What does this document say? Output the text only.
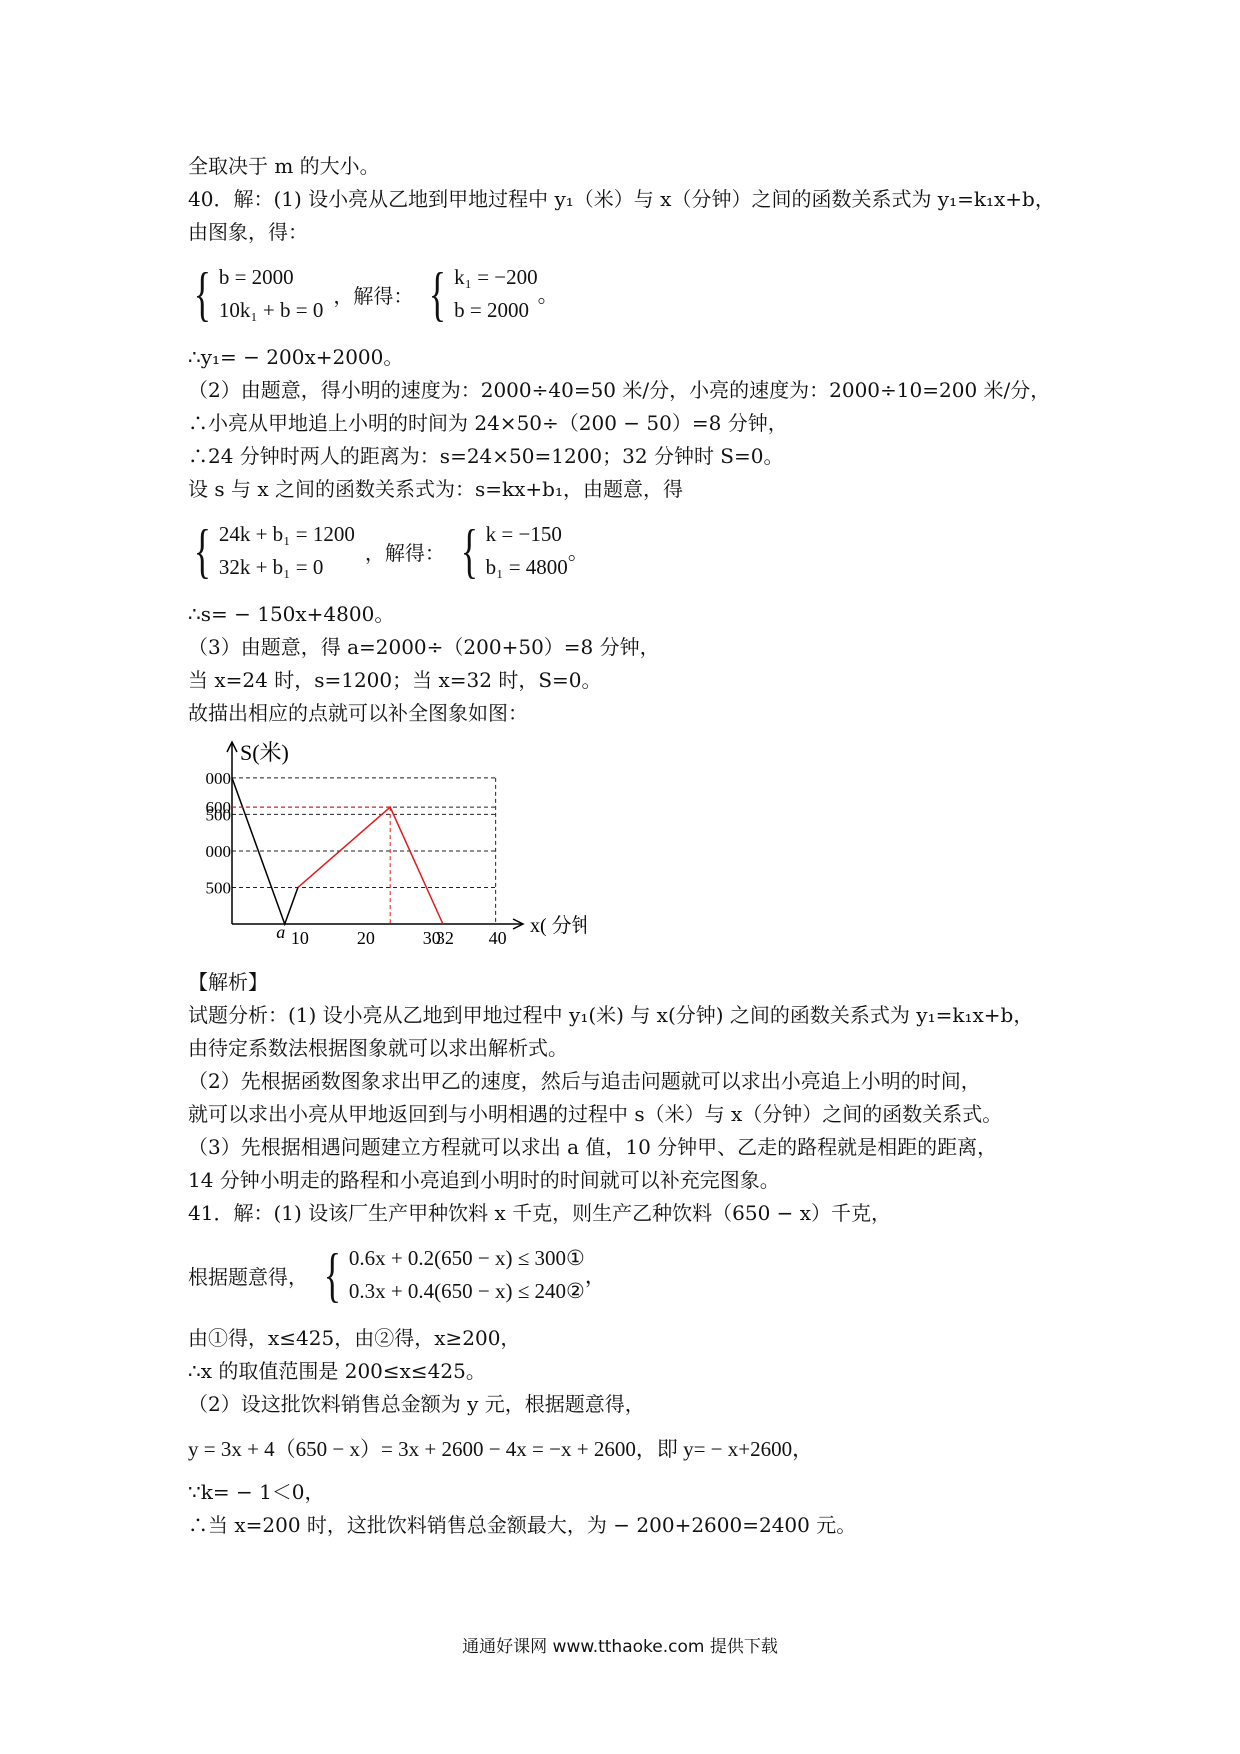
全取决于 m 的大小。
40．解：(1) 设小亮从乙地到甲地过程中 y₁（米）与 x（分钟）之间的函数关系式为 y₁=k₁x+b，
由图象，得：
{ b = 2000
10k₁ + b = 0
，解得： { k₁ = −200
b = 2000
。
∴y₁= − 200x+2000。
（2）由题意，得小明的速度为：2000÷40=50 米/分，小亮的速度为：2000÷10=200 米/分，
∴小亮从甲地追上小明的时间为 24×50÷（200 − 50）=8 分钟，
∴24 分钟时两人的距离为：s=24×50=1200；32 分钟时 S=0。
设 s 与 x 之间的函数关系式为：s=kx+b₁，由题意，得
{ 24k + b₁ = 1200
32k + b₁ = 0
，解得： { k = −150
b₁ = 4800
。
∴s= − 150x+4800。
（3）由题意，得 a=2000÷（200+50）=8 分钟，
当 x=24 时，s=1200；当 x=32 时，S=0。
故描出相应的点就可以补全图象如图：
000
600
500
000
500
a 10	20	30
32 40
S(米)
x( 分钟
【解析】
试题分析：(1) 设小亮从乙地到甲地过程中 y₁(米) 与 x(分钟) 之间的函数关系式为 y₁=k₁x+b，
由待定系数法根据图象就可以求出解析式。
（2）先根据函数图象求出甲乙的速度，然后与追击问题就可以求出小亮追上小明的时间，
就可以求出小亮从甲地返回到与小明相遇的过程中 s（米）与 x（分钟）之间的函数关系式。
（3）先根据相遇问题建立方程就可以求出 a 值，10 分钟甲、乙走的路程就是相距的距离，
14 分钟小明走的路程和小亮追到小明时的时间就可以补充完图象。
41．解：(1) 设该厂生产甲种饮料 x 千克，则生产乙种饮料（650 − x）千克，
根据题意得， { 0.6x + 0.2(650 − x) ≤ 300①
0.3x + 0.4(650 − x) ≤ 240②
，
由①得，x≤425，由②得，x≥200，
∴x 的取值范围是 200≤x≤425。
（2）设这批饮料销售总金额为 y 元，根据题意得，
y = 3x + 4（650 − x）= 3x + 2600 − 4x = −x + 2600，即 y= − x+2600，
∵k= − 1＜0，
∴当 x=200 时，这批饮料销售总金额最大，为 − 200+2600=2400 元。
通通好课网 www.tthaoke.com 提供下载
